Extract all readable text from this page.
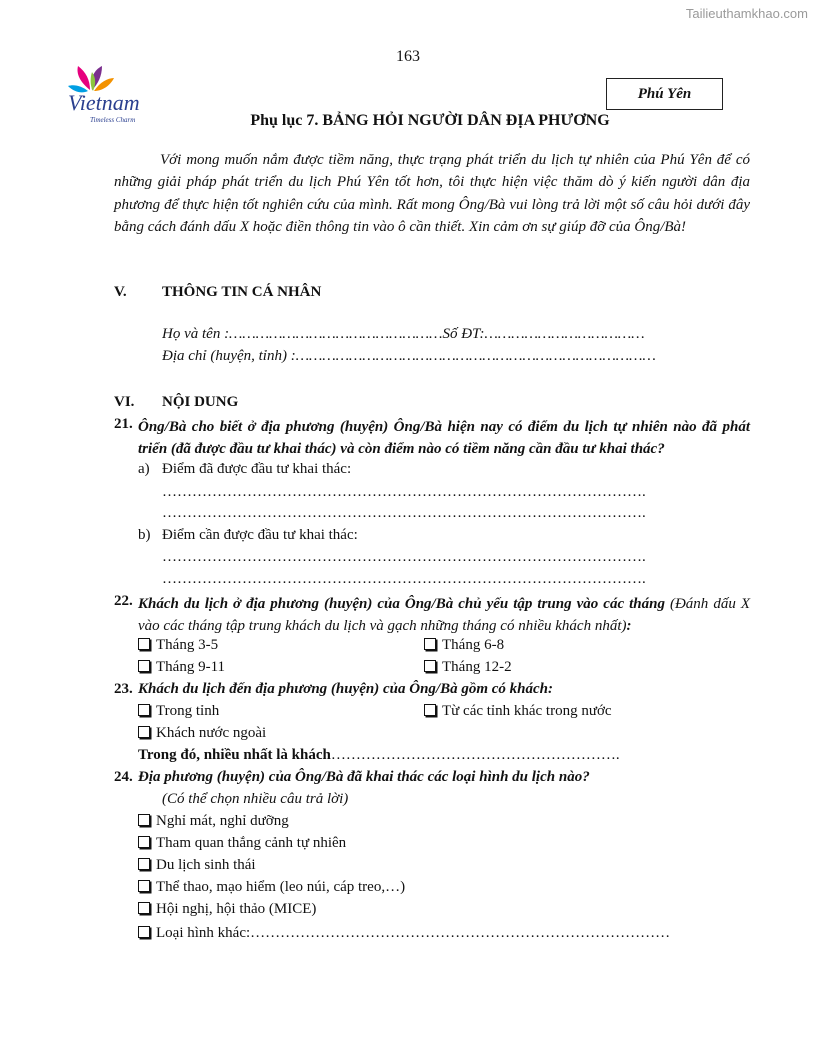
Tailieuthamkhao.com
163
Vietnam
Timeless Charm
Phú Yên
Phụ lục 7. BẢNG HỎI NGƯỜI DÂN ĐỊA PHƯƠNG

Với mong muốn nắm được tiềm năng, thực trạng phát triển du lịch tự nhiên của Phú Yên để có những giải pháp phát triển du lịch Phú Yên tốt hơn, tôi thực hiện việc thăm dò ý kiến người dân địa phương để thực hiện tốt nghiên cứu của mình. Rất mong Ông/Bà vui lòng trả lời một số câu hỏi dưới đây bằng cách đánh dấu X hoặc điền thông tin vào ô cần thiết. Xin cảm ơn sự giúp đỡ của Ông/Bà!

V. THÔNG TIN CÁ NHÂN
Họ và tên :…………………………………………Số ĐT:………………………………
Địa chỉ (huyện, tỉnh) :………………………………………………………………………
VI. NỘI DUNG
21. Ông/Bà cho biết ở địa phương (huyện) Ông/Bà hiện nay có điểm du lịch tự nhiên nào đã phát triển (đã được đầu tư khai thác) và còn điểm nào có tiềm năng cần đầu tư khai thác?

a) Điểm đã được đầu tư khai thác:
…………………………………………………………………………………….
…………………………………………………………………………………….
b) Điểm cần được đầu tư khai thác:
…………………………………………………………………………………….
…………………………………………………………………………………….
22. Khách du lịch ở địa phương (huyện) của Ông/Bà chủ yếu tập trung vào các tháng (Đánh dấu X vào các tháng tập trung khách du lịch và gạch những tháng có nhiều khách nhất):

Tháng 3-5	Tháng 6-8
Tháng 9-11	Tháng 12-2
23. Khách du lịch đến địa phương (huyện) của Ông/Bà gồm có khách:
Trong tỉnh	Từ các tỉnh khác trong nước
Khách nước ngoài
Trong đó, nhiều nhất là khách………………………………………………….
24. Địa phương (huyện) của Ông/Bà đã khai thác các loại hình du lịch nào?
(Có thể chọn nhiều câu trả lời)
Nghỉ mát, nghỉ dưỡng
Tham quan thắng cảnh tự nhiên
Du lịch sinh thái
Thể thao, mạo hiểm (leo núi, cáp treo,…)
Hội nghị, hội thảo (MICE)
Loại hình khác:…………………………………………………………………………
